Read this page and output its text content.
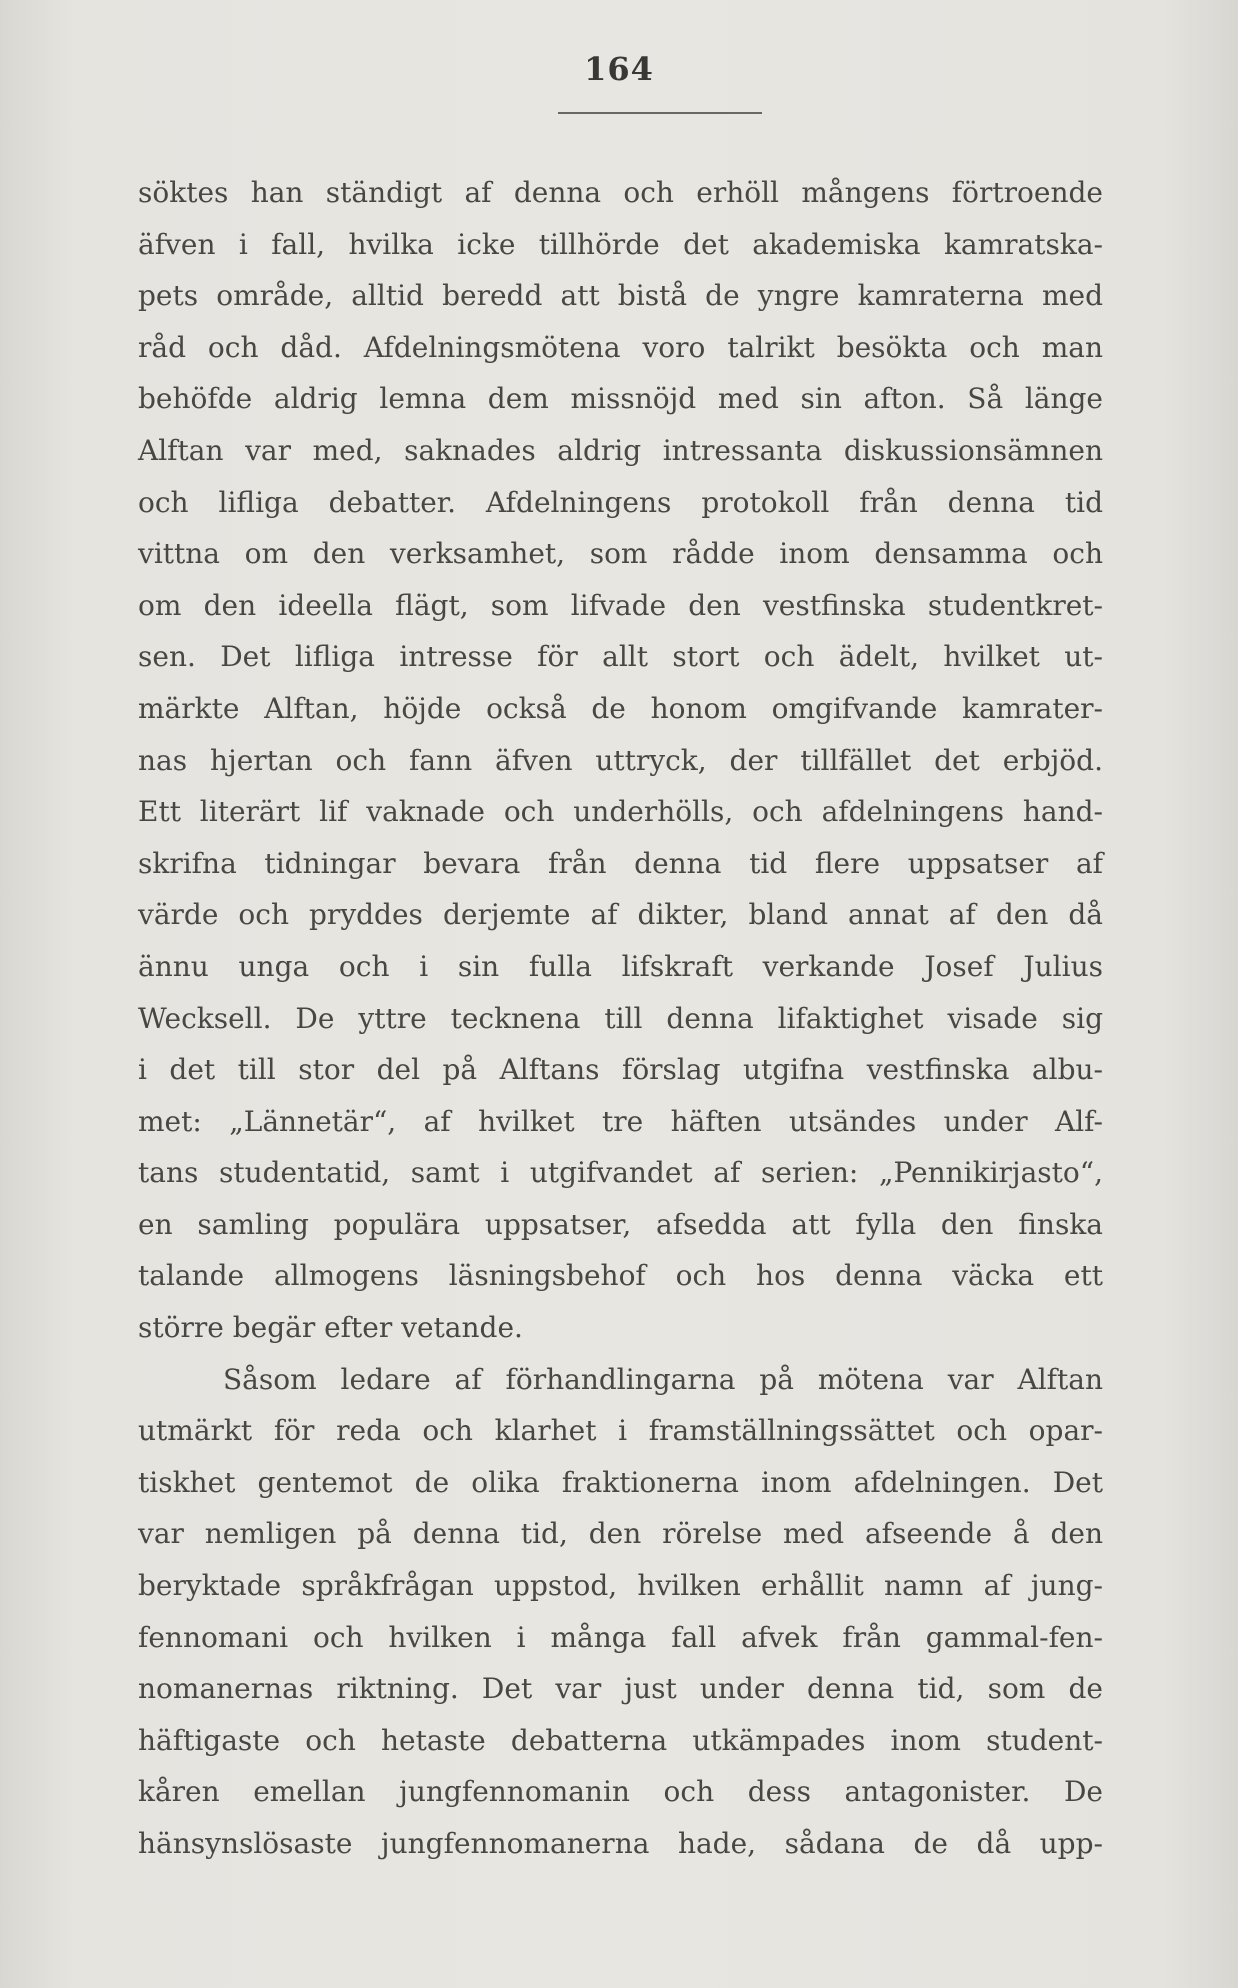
164
söktes han ständigt af denna och erhöll mångens förtroende
äfven i fall, hvilka icke tillhörde det akademiska kamratska-
pets område, alltid beredd att bistå de yngre kamraterna med
råd och dåd. Afdelningsmötena voro talrikt besökta och man
behöfde aldrig lemna dem missnöjd med sin afton. Så länge
Alftan var med, saknades aldrig intressanta diskussionsämnen
och lifliga debatter. Afdelningens protokoll från denna tid
vittna om den verksamhet, som rådde inom densamma och
om den ideella flägt, som lifvade den vestfinska studentkret-
sen. Det lifliga intresse för allt stort och ädelt, hvilket ut-
märkte Alftan, höjde också de honom omgifvande kamrater-
nas hjertan och fann äfven uttryck, der tillfället det erbjöd.
Ett literärt lif vaknade och underhölls, och afdelningens hand-
skrifna tidningar bevara från denna tid flere uppsatser af
värde och pryddes derjemte af dikter, bland annat af den då
ännu unga och i sin fulla lifskraft verkande Josef Julius
Wecksell. De yttre tecknena till denna lifaktighet visade sig
i det till stor del på Alftans förslag utgifna vestfinska albu-
met: „Lännetär“, af hvilket tre häften utsändes under Alf-
tans studentatid, samt i utgifvandet af serien: „Pennikirjasto“,
en samling populära uppsatser, afsedda att fylla den finska
talande allmogens läsningsbehof och hos denna väcka ett
större begär efter vetande.
Såsom ledare af förhandlingarna på mötena var Alftan
utmärkt för reda och klarhet i framställningssättet och opar-
tiskhet gentemot de olika fraktionerna inom afdelningen. Det
var nemligen på denna tid, den rörelse med afseende å den
beryktade språkfrågan uppstod, hvilken erhållit namn af jung-
fennomani och hvilken i många fall afvek från gammal-fen-
nomanernas riktning. Det var just under denna tid, som de
häftigaste och hetaste debatterna utkämpades inom student-
kåren emellan jungfennomanin och dess antagonister. De
hänsynslösaste jungfennomanerna hade, sådana de då upp-
